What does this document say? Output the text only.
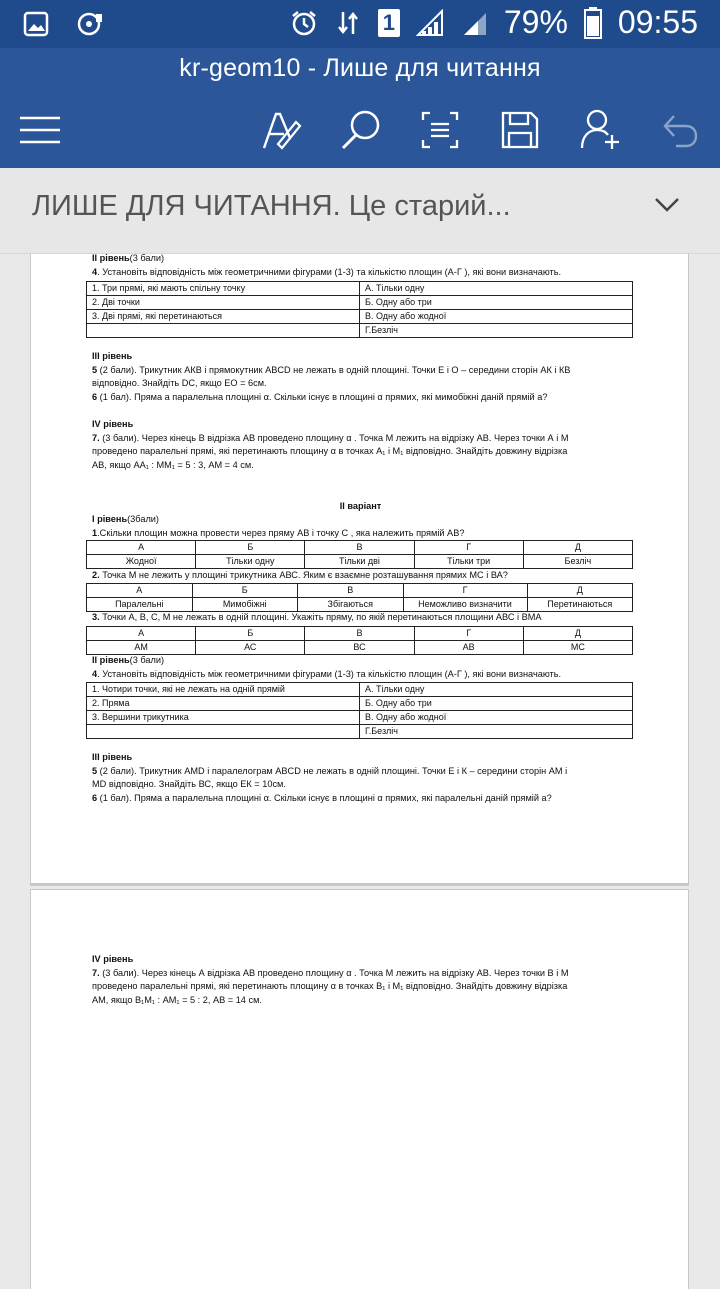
1	79% 09:55
kr-geom10 - Лише для читання
ЛИШЕ ДЛЯ ЧИТАННЯ. Це старий...
II рівень(3 бали)
4. Установіть відповідність між геометричними фігурами (1-3) та кількістю площин (А-Г ), які вони визначають.
1. Три прямі, які мають спільну точку	А. Тільки одну
2. Дві точки	Б. Одну або три
3. Дві прямі, які перетинаються	В. Одну або жодної
	Г.Безліч
III рівень
5 (2 бали). Трикутник АКВ і прямокутник ABCD не лежать в одній площині. Точки Е і О – середини сторін АК і КВ
відповідно. Знайдіть DC, якщо ЕО = 6см.
6 (1 бал). Пряма а паралельна площині α. Скільки існує в площині α прямих, які мимобіжні даній прямій а?
IV рівень
7. (3 бали). Через кінець В відрізка АВ проведено площину α . Точка М лежить на відрізку АВ. Через точки А і М
проведено паралельні прямі, які перетинають площину α в точках А₁ і М₁ відповідно. Знайдіть довжину відрізка
АВ, якщо АА₁ : ММ₁ = 5 : 3, АМ = 4 см.
II варіант
I рівень(3бали)
1.Скільки площин можна провести через пряму АВ і точку С , яка належить прямій АВ?
А	Б	В	Г	Д
Жодної	Тільки одну	Тільки дві	Тільки три	Безліч
2. Точка М не лежить у площині трикутника АВС. Яким є взаємне розташування прямих МС і ВА?
А	Б	В	Г	Д
Паралельні	Мимобіжні	Збігаються	Неможливо визначити	Перетинаються
3. Точки А, В, С, М не лежать в одній площині. Укажіть пряму, по якій перетинаються площини АВС і ВМА
А	Б	В	Г	Д
АМ	АС	ВС	АВ	МС
II рівень(3 бали)
4. Установіть відповідність між геометричними фігурами (1-3) та кількістю площин (А-Г ), які вони визначають.
1. Чотири точки, які не лежать на одній прямій	А. Тільки одну
2. Пряма	Б. Одну або три
3. Вершини трикутника	В. Одну або жодної
	Г.Безліч
III рівень
5 (2 бали). Трикутник АМD і паралелограм ABCD не лежать в одній площині. Точки Е і К – середини сторін АМ і
MD відповідно. Знайдіть ВС, якщо ЕК = 10см.
6 (1 бал). Пряма а паралельна площині α. Скільки існує в площині α прямих, які паралельні даній прямій а?
IV рівень
7. (3 бали). Через кінець А відрізка АВ проведено площину α . Точка М лежить на відрізку АВ. Через точки В і М
проведено паралельні прямі, які перетинають площину α в точках В₁ і М₁ відповідно. Знайдіть довжину відрізка
АМ, якщо В₁М₁ : АМ₁ = 5 : 2, АВ = 14 см.
